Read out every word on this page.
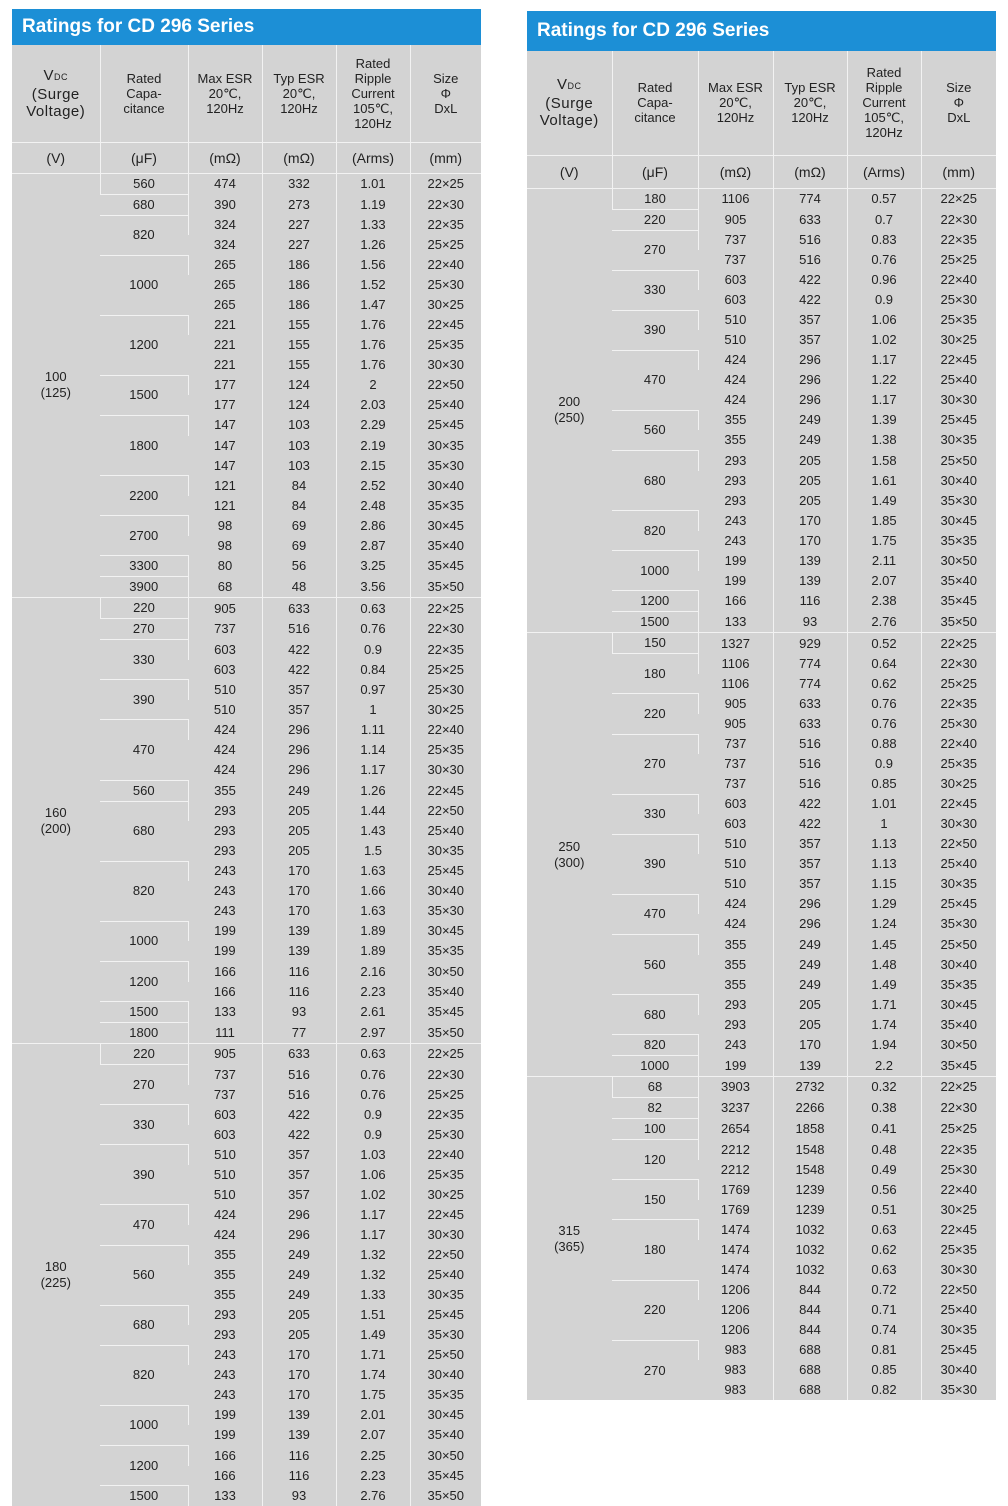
Ratings for CD 296 Series
VDC
(Surge Voltage)	Rated Capa- citance	Max ESR 20℃, 120Hz	Typ ESR 20℃, 120Hz	Rated Ripple Current 105℃, 120Hz	Size
Φ
DxL
(V)	(μF)	(mΩ)	(mΩ)	(Arms)	(mm)
100
(125)	560	474	332	1.01	22×25
	680	390	273	1.19	22×30
	820	324	227	1.33	22×35
		324	227	1.26	25×25
	1000	265	186	1.56	22×40
		265	186	1.52	25×30
		265	186	1.47	30×25
	1200	221	155	1.76	22×45
		221	155	1.76	25×35
		221	155	1.76	30×30
	1500	177	124	2	22×50
		177	124	2.03	25×40
	1800	147	103	2.29	25×45
		147	103	2.19	30×35
		147	103	2.15	35×30
	2200	121	84	2.52	30×40
		121	84	2.48	35×35
	2700	98	69	2.86	30×45
		98	69	2.87	35×40
	3300	80	56	3.25	35×45
	3900	68	48	3.56	35×50
160
(200)	220	905	633	0.63	22×25
	270	737	516	0.76	22×30
	330	603	422	0.9	22×35
		603	422	0.84	25×25
	390	510	357	0.97	25×30
		510	357	1	30×25
	470	424	296	1.11	22×40
		424	296	1.14	25×35
		424	296	1.17	30×30
	560	355	249	1.26	22×45
	680	293	205	1.44	22×50
		293	205	1.43	25×40
		293	205	1.5	30×35
	820	243	170	1.63	25×45
		243	170	1.66	30×40
		243	170	1.63	35×30
	1000	199	139	1.89	30×45
		199	139	1.89	35×35
	1200	166	116	2.16	30×50
		166	116	2.23	35×40
	1500	133	93	2.61	35×45
	1800	111	77	2.97	35×50
180
(225)	220	905	633	0.63	22×25
	270	737	516	0.76	22×30
		737	516	0.76	25×25
	330	603	422	0.9	22×35
		603	422	0.9	25×30
	390	510	357	1.03	22×40
		510	357	1.06	25×35
		510	357	1.02	30×25
	470	424	296	1.17	22×45
		424	296	1.17	30×30
	560	355	249	1.32	22×50
		355	249	1.32	25×40
		355	249	1.33	30×35
	680	293	205	1.51	25×45
		293	205	1.49	35×30
	820	243	170	1.71	25×50
		243	170	1.74	30×40
		243	170	1.75	35×35
	1000	199	139	2.01	30×45
		199	139	2.07	35×40
	1200	166	116	2.25	30×50
		166	116	2.23	35×45
	1500	133	93	2.76	35×50
Ratings for CD 296 Series
VDC
(Surge Voltage)	Rated Capa- citance	Max ESR 20℃, 120Hz	Typ ESR 20℃, 120Hz	Rated Ripple Current 105℃, 120Hz	Size
Φ
DxL
(V)	(μF)	(mΩ)	(mΩ)	(Arms)	(mm)
200
(250)	180	1106	774	0.57	22×25
	220	905	633	0.7	22×30
	270	737	516	0.83	22×35
		737	516	0.76	25×25
	330	603	422	0.96	22×40
		603	422	0.9	25×30
	390	510	357	1.06	25×35
		510	357	1.02	30×25
	470	424	296	1.17	22×45
		424	296	1.22	25×40
		424	296	1.17	30×30
	560	355	249	1.39	25×45
		355	249	1.38	30×35
	680	293	205	1.58	25×50
		293	205	1.61	30×40
		293	205	1.49	35×30
	820	243	170	1.85	30×45
		243	170	1.75	35×35
	1000	199	139	2.11	30×50
		199	139	2.07	35×40
	1200	166	116	2.38	35×45
	1500	133	93	2.76	35×50
250
(300)	150	1327	929	0.52	22×25
	180	1106	774	0.64	22×30
		1106	774	0.62	25×25
	220	905	633	0.76	22×35
		905	633	0.76	25×30
	270	737	516	0.88	22×40
		737	516	0.9	25×35
		737	516	0.85	30×25
	330	603	422	1.01	22×45
		603	422	1	30×30
	390	510	357	1.13	22×50
		510	357	1.13	25×40
		510	357	1.15	30×35
	470	424	296	1.29	25×45
		424	296	1.24	35×30
	560	355	249	1.45	25×50
		355	249	1.48	30×40
		355	249	1.49	35×35
	680	293	205	1.71	30×45
		293	205	1.74	35×40
	820	243	170	1.94	30×50
	1000	199	139	2.2	35×45
315
(365)	68	3903	2732	0.32	22×25
	82	3237	2266	0.38	22×30
	100	2654	1858	0.41	25×25
	120	2212	1548	0.48	22×35
		2212	1548	0.49	25×30
	150	1769	1239	0.56	22×40
		1769	1239	0.51	30×25
	180	1474	1032	0.63	22×45
		1474	1032	0.62	25×35
		1474	1032	0.63	30×30
	220	1206	844	0.72	22×50
		1206	844	0.71	25×40
		1206	844	0.74	30×35
	270	983	688	0.81	25×45
		983	688	0.85	30×40
		983	688	0.82	35×30
